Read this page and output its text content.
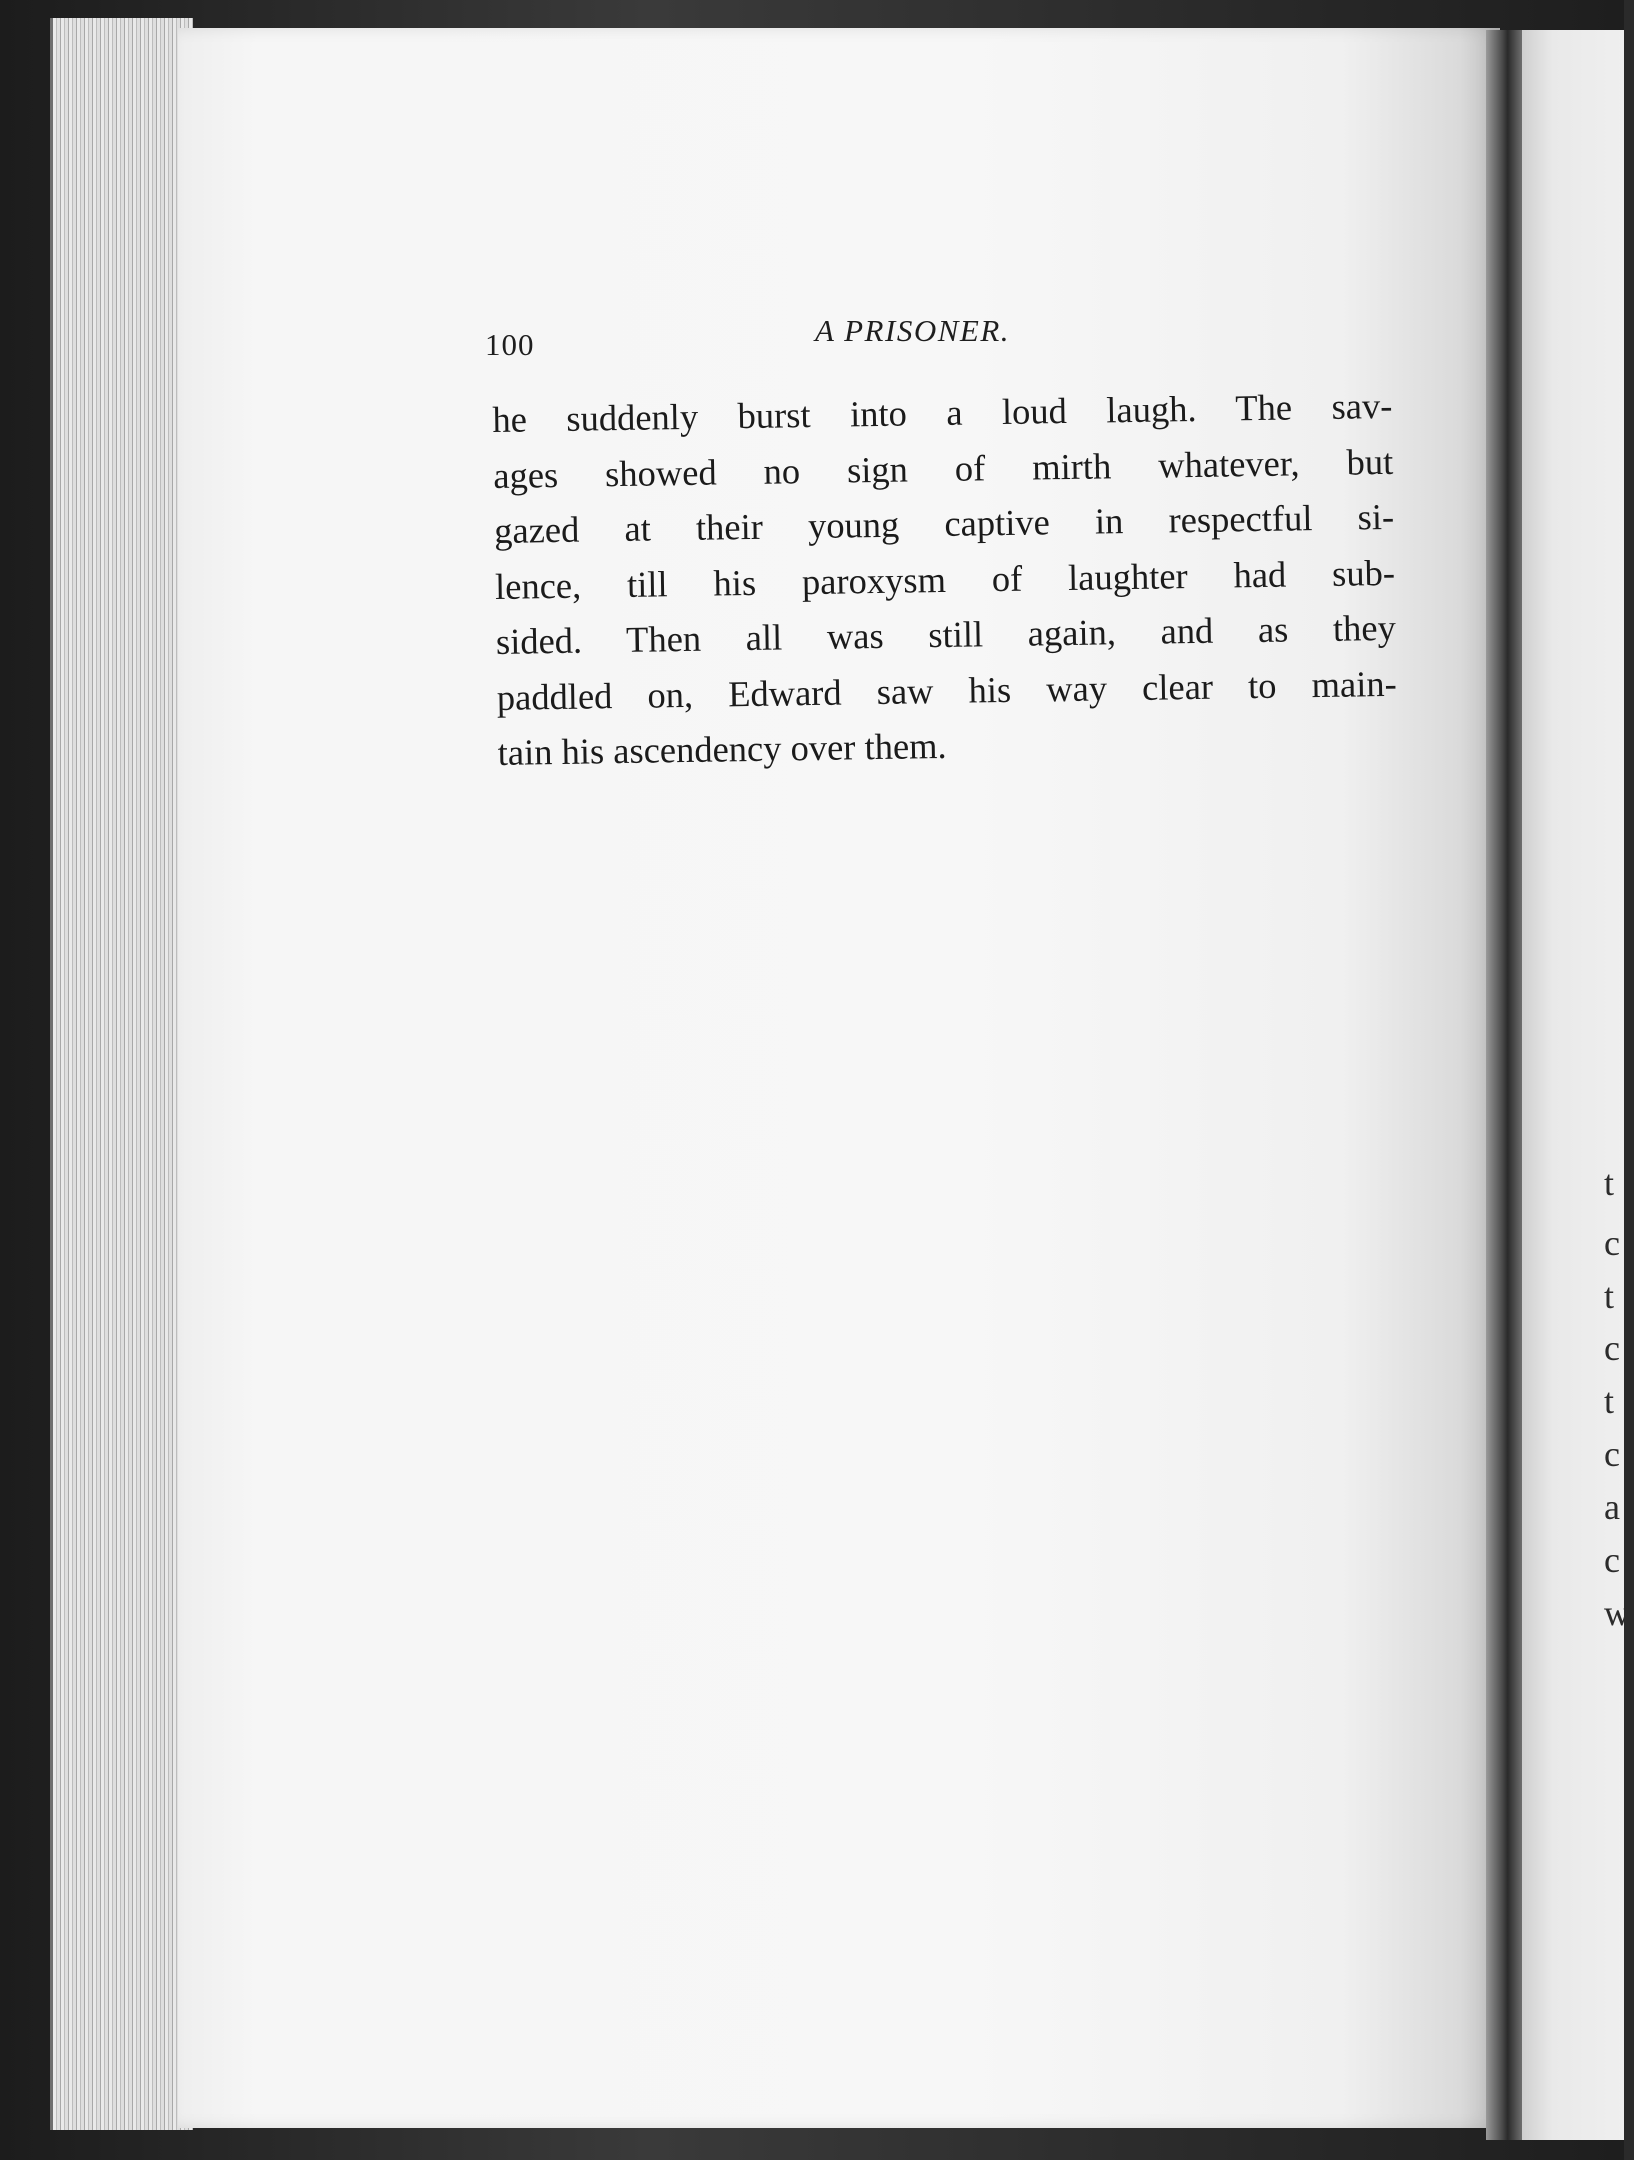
100	A PRISONER.
he suddenly burst into a loud laugh. The sav-
ages showed no sign of mirth whatever, but
gazed at their young captive in respectful si-
lence, till his paroxysm of laughter had sub-
sided. Then all was still again, and as they
paddled on, Edward saw his way clear to main-
tain his ascendency over them.
t
c
t
c
t
c
a
c
w
